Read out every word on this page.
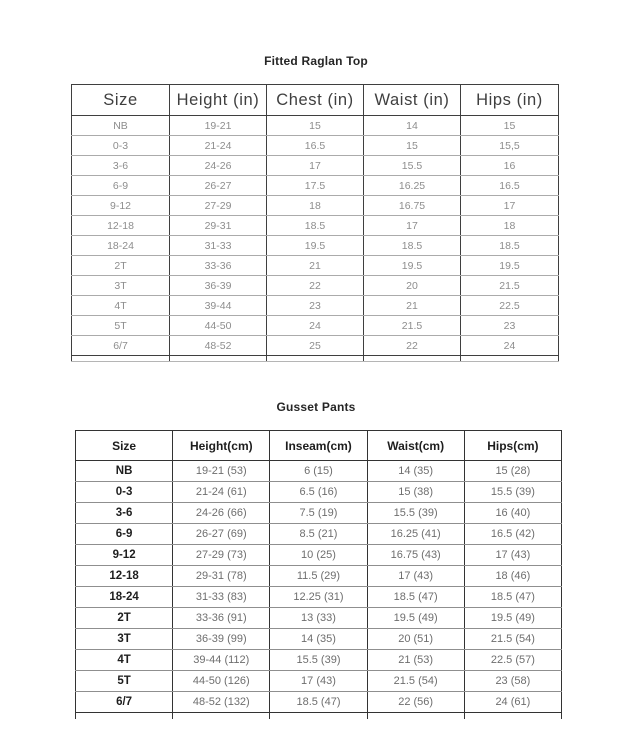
Fitted Raglan Top
Size	Height (in)	Chest (in)	Waist (in)	Hips (in)
NB	19-21	15	14	15
0-3	21-24	16.5	15	15,5
3-6	24-26	17	15.5	16
6-9	26-27	17.5	16.25	16.5
9-12	27-29	18	16.75	17
12-18	29-31	18.5	17	18
18-24	31-33	19.5	18.5	18.5
2T	33-36	21	19.5	19.5
3T	36-39	22	20	21.5
4T	39-44	23	21	22.5
5T	44-50	24	21.5	23
6/7	48-52	25	22	24

Gusset Pants
Size	Height(cm)	Inseam(cm)	Waist(cm)	Hips(cm)
NB	19-21 (53)	6 (15)	14 (35)	15 (28)
0-3	21-24 (61)	6.5 (16)	15 (38)	15.5 (39)
3-6	24-26 (66)	7.5 (19)	15.5 (39)	16 (40)
6-9	26-27 (69)	8.5 (21)	16.25 (41)	16.5 (42)
9-12	27-29 (73)	10 (25)	16.75 (43)	17 (43)
12-18	29-31 (78)	11.5 (29)	17 (43)	18 (46)
18-24	31-33 (83)	12.25 (31)	18.5 (47)	18.5 (47)
2T	33-36 (91)	13 (33)	19.5 (49)	19.5 (49)
3T	36-39 (99)	14 (35)	20 (51)	21.5 (54)
4T	39-44 (112)	15.5 (39)	21 (53)	22.5 (57)
5T	44-50 (126)	17 (43)	21.5 (54)	23 (58)
6/7	48-52 (132)	18.5 (47)	22 (56)	24 (61)
